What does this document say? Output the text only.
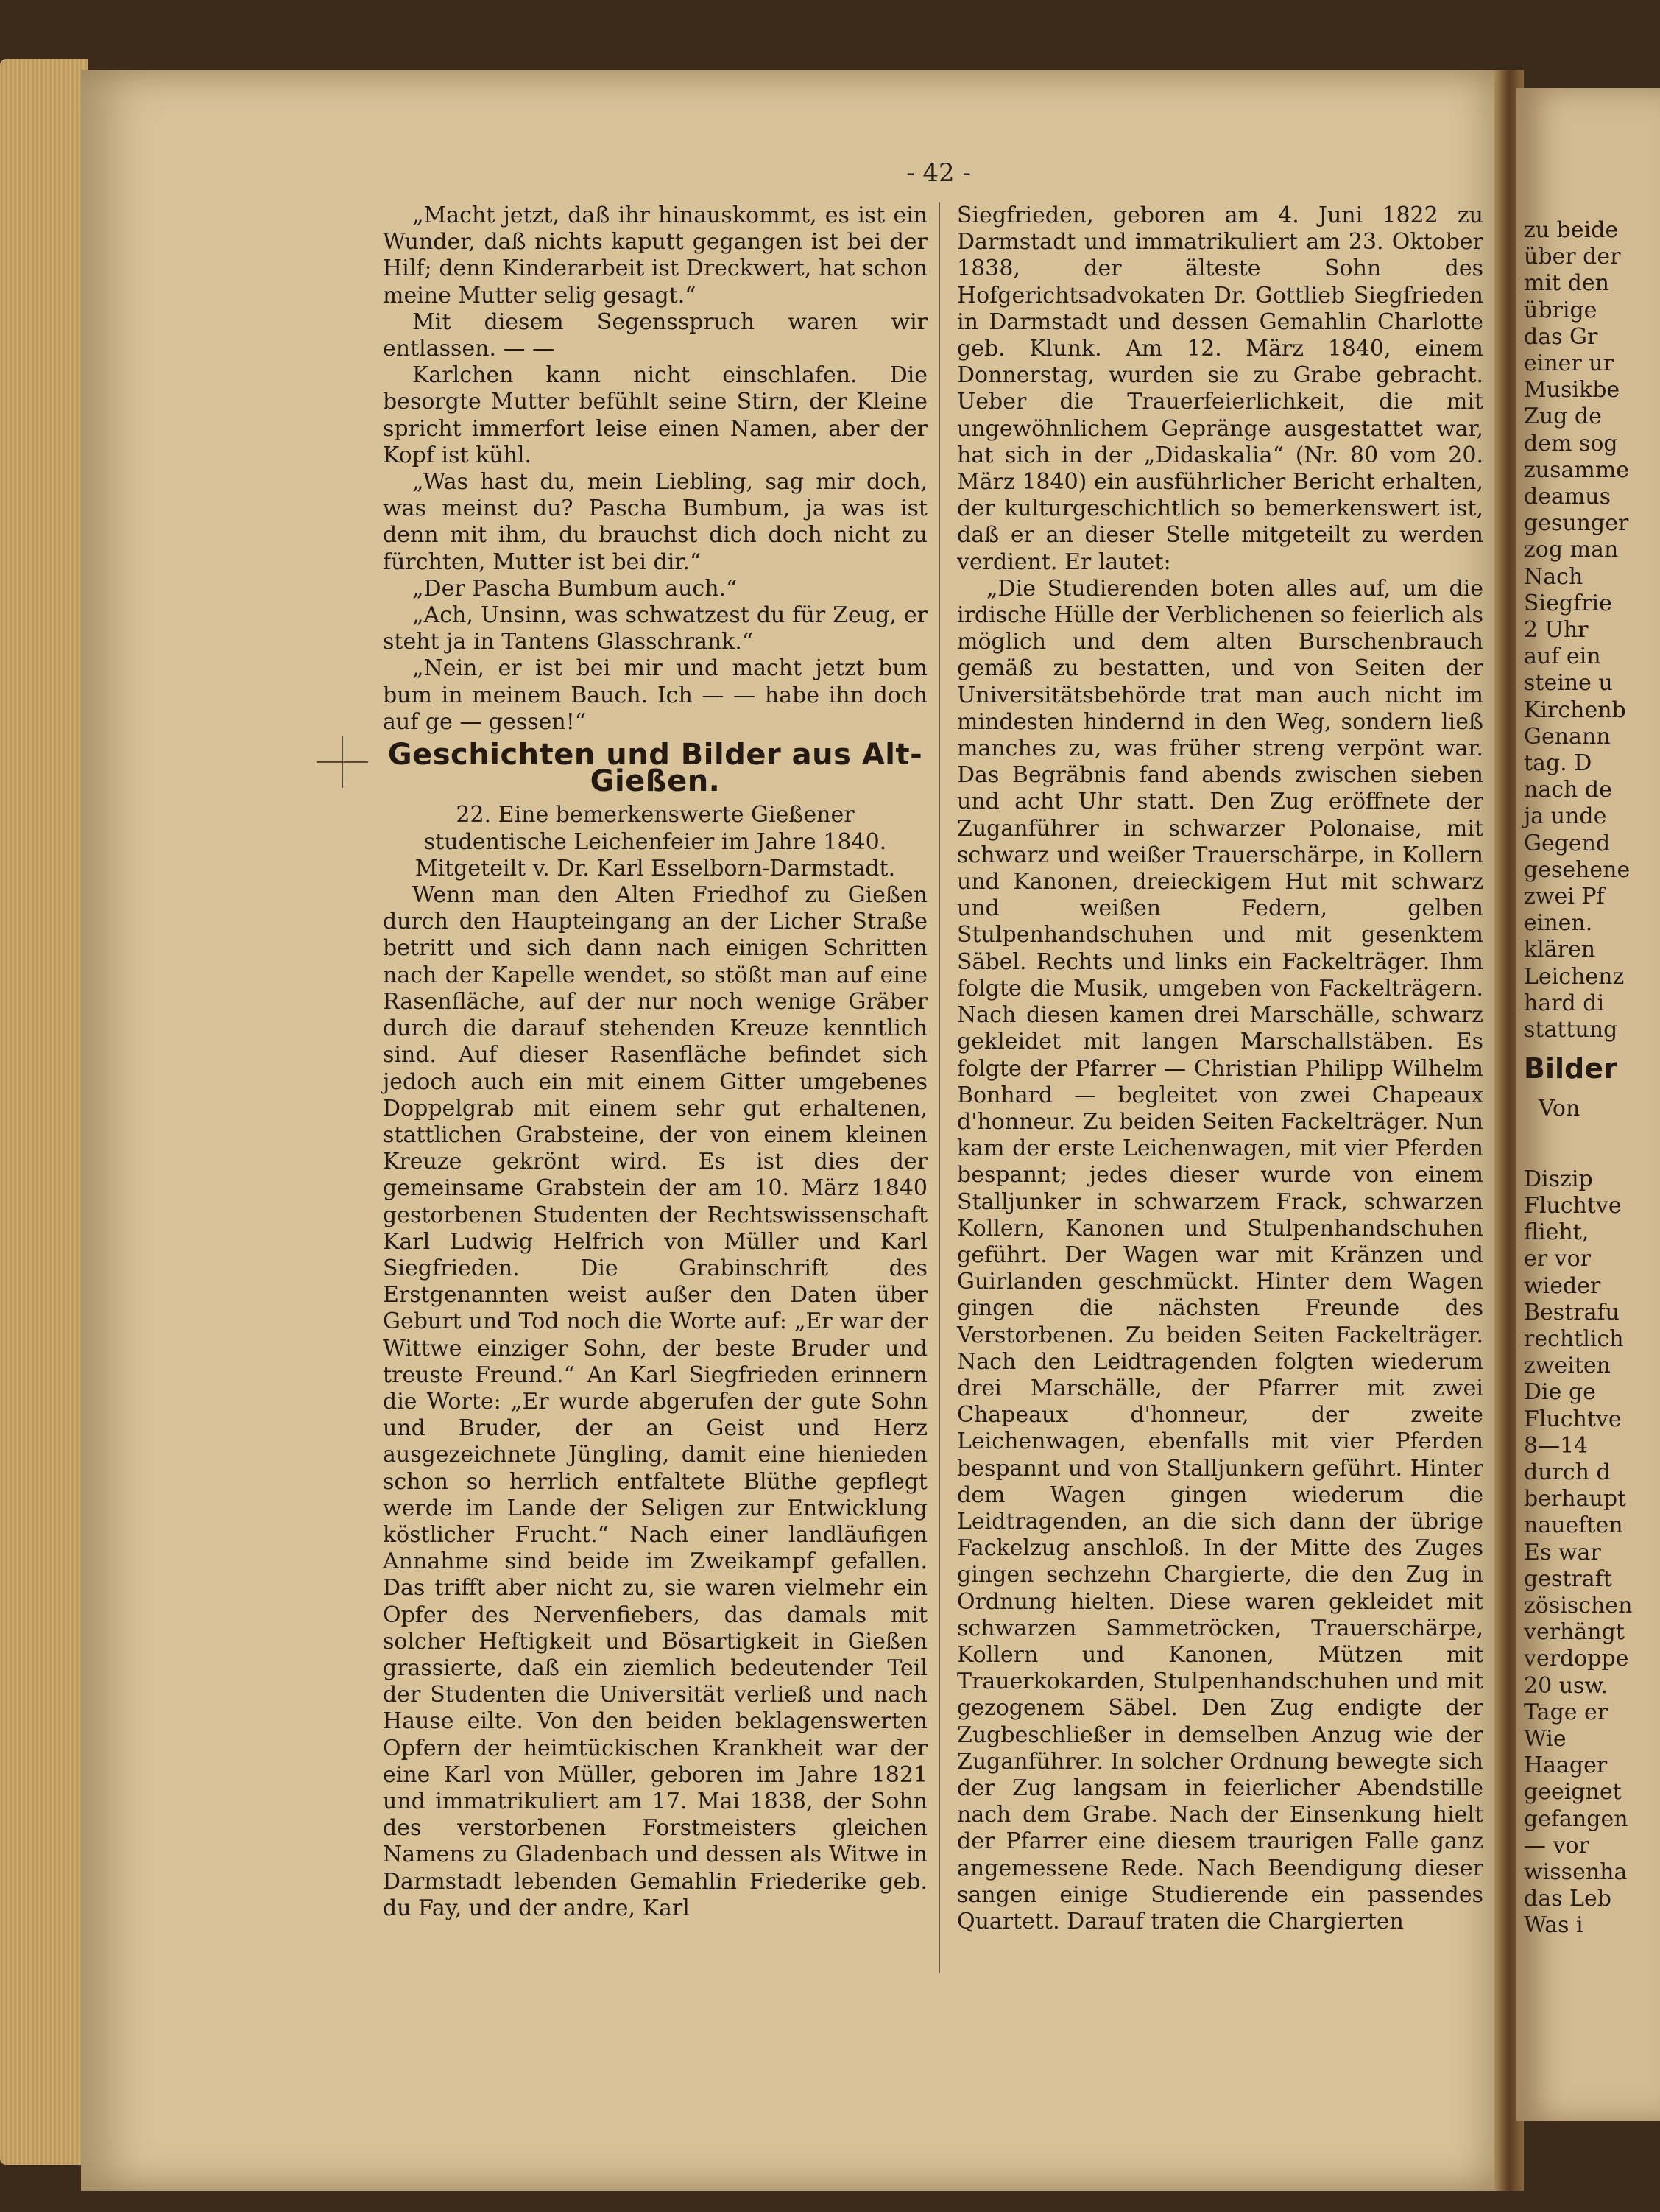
- 42 -

„Macht jetzt, daß ihr hinauskommt, es ist ein Wunder, daß nichts kaputt gegangen ist bei der Hilf; denn Kinderarbeit ist Dreckwert, hat schon meine Mutter selig gesagt.“

Mit diesem Segensspruch waren wir entlassen. — —

Karlchen kann nicht einschlafen. Die besorgte Mutter befühlt seine Stirn, der Kleine spricht immerfort leise einen Namen, aber der Kopf ist kühl.

„Was hast du, mein Liebling, sag mir doch, was meinst du? Pascha Bumbum, ja was ist denn mit ihm, du brauchst dich doch nicht zu fürchten, Mutter ist bei dir.“

„Der Pascha Bumbum auch.“

„Ach, Unsinn, was schwatzest du für Zeug, er steht ja in Tantens Glasschrank.“

„Nein, er ist bei mir und macht jetzt bum bum in meinem Bauch. Ich — — habe ihn doch auf ge — gessen!“

Geschichten und Bilder aus Alt-Gießen.

22. Eine bemerkenswerte Gießener

studentische Leichenfeier im Jahre 1840.

Mitgeteilt v. Dr. Karl Esselborn-Darmstadt.

Wenn man den Alten Friedhof zu Gießen durch den Haupteingang an der Licher Straße betritt und sich dann nach einigen Schritten nach der Kapelle wendet, so stößt man auf eine Rasenfläche, auf der nur noch wenige Gräber durch die darauf stehenden Kreuze kenntlich sind. Auf dieser Rasenfläche befindet sich jedoch auch ein mit einem Gitter umgebenes Doppelgrab mit einem sehr gut erhaltenen, stattlichen Grabsteine, der von einem kleinen Kreuze gekrönt wird. Es ist dies der gemeinsame Grabstein der am 10. März 1840 gestorbenen Studenten der Rechtswissenschaft Karl Ludwig Helfrich von Müller und Karl Siegfrieden. Die Grabinschrift des Erstgenannten weist außer den Daten über Geburt und Tod noch die Worte auf: „Er war der Wittwe einziger Sohn, der beste Bruder und treuste Freund.“ An Karl Siegfrieden erinnern die Worte: „Er wurde abgerufen der gute Sohn und Bruder, der an Geist und Herz ausgezeichnete Jüngling, damit eine hienieden schon so herrlich entfaltete Blüthe gepflegt werde im Lande der Seligen zur Entwicklung köstlicher Frucht.“ Nach einer landläufigen Annahme sind beide im Zweikampf gefallen. Das trifft aber nicht zu, sie waren vielmehr ein Opfer des Nervenfiebers, das damals mit solcher Heftigkeit und Bösartigkeit in Gießen grassierte, daß ein ziemlich bedeutender Teil der Studenten die Universität verließ und nach Hause eilte. Von den beiden beklagenswerten Opfern der heimtückischen Krankheit war der eine Karl von Müller, geboren im Jahre 1821 und immatrikuliert am 17. Mai 1838, der Sohn des verstorbenen Forstmeisters gleichen Namens zu Gladenbach und dessen als Witwe in Darmstadt lebenden Gemahlin Friederike geb. du Fay, und der andre, Karl

Siegfrieden, geboren am 4. Juni 1822 zu Darmstadt und immatrikuliert am 23. Oktober 1838, der älteste Sohn des Hofgerichtsadvokaten Dr. Gottlieb Siegfrieden in Darmstadt und dessen Gemahlin Charlotte geb. Klunk. Am 12. März 1840, einem Donnerstag, wurden sie zu Grabe gebracht. Ueber die Trauerfeierlichkeit, die mit ungewöhnlichem Gepränge ausgestattet war, hat sich in der „Didaskalia“ (Nr. 80 vom 20. März 1840) ein ausführlicher Bericht erhalten, der kulturgeschichtlich so bemerkenswert ist, daß er an dieser Stelle mitgeteilt zu werden verdient. Er lautet:

„Die Studierenden boten alles auf, um die irdische Hülle der Verblichenen so feierlich als möglich und dem alten Burschenbrauch gemäß zu bestatten, und von Seiten der Universitätsbehörde trat man auch nicht im mindesten hindernd in den Weg, sondern ließ manches zu, was früher streng verpönt war. Das Begräbnis fand abends zwischen sieben und acht Uhr statt. Den Zug eröffnete der Zuganführer in schwarzer Polonaise, mit schwarz und weißer Trauerschärpe, in Kollern und Kanonen, dreieckigem Hut mit schwarz und weißen Federn, gelben Stulpenhandschuhen und mit gesenktem Säbel. Rechts und links ein Fackelträger. Ihm folgte die Musik, umgeben von Fackelträgern. Nach diesen kamen drei Marschälle, schwarz gekleidet mit langen Marschallstäben. Es folgte der Pfarrer — Christian Philipp Wilhelm Bonhard — begleitet von zwei Chapeaux d'honneur. Zu beiden Seiten Fackelträger. Nun kam der erste Leichenwagen, mit vier Pferden bespannt; jedes dieser wurde von einem Stalljunker in schwarzem Frack, schwarzen Kollern, Kanonen und Stulpenhandschuhen geführt. Der Wagen war mit Kränzen und Guirlanden geschmückt. Hinter dem Wagen gingen die nächsten Freunde des Verstorbenen. Zu beiden Seiten Fackelträger. Nach den Leidtragenden folgten wiederum drei Marschälle, der Pfarrer mit zwei Chapeaux d'honneur, der zweite Leichenwagen, ebenfalls mit vier Pferden bespannt und von Stalljunkern geführt. Hinter dem Wagen gingen wiederum die Leidtragenden, an die sich dann der übrige Fackelzug anschloß. In der Mitte des Zuges gingen sechzehn Chargierte, die den Zug in Ordnung hielten. Diese waren gekleidet mit schwarzen Sammetröcken, Trauerschärpe, Kollern und Kanonen, Mützen mit Trauerkokarden, Stulpenhandschuhen und mit gezogenem Säbel. Den Zug endigte der Zugbeschließer in demselben Anzug wie der Zuganführer. In solcher Ordnung bewegte sich der Zug langsam in feierlicher Abendstille nach dem Grabe. Nach der Einsenkung hielt der Pfarrer eine diesem traurigen Falle ganz angemessene Rede. Nach Beendigung dieser sangen einige Studierende ein passendes Quartett. Darauf traten die Chargierten

zu beide
über der
mit den
übrige
das Gr
einer ur
Musikbe
Zug de
dem sog
zusamme
deamus
gesunger
zog man
Nach
Siegfrie
2 Uhr
auf ein
steine u
Kirchenb
Genann
tag. D
nach de
ja unde
Gegend
gesehene
zwei Pf
einen.
klären
Leichenz
hard di
stattung
Bilder
Von
Diszip
Fluchtve
flieht,
er vor
wieder
Bestrafu
rechtlich
zweiten
Die ge
Fluchtve
8—14
durch d
berhaupt
naueften
Es war
gestraft
zösischen
verhängt
verdoppe
20 usw.
Tage er
Wie
Haager
geeignet
gefangen
— vor
wissenha
das Leb
Was i
